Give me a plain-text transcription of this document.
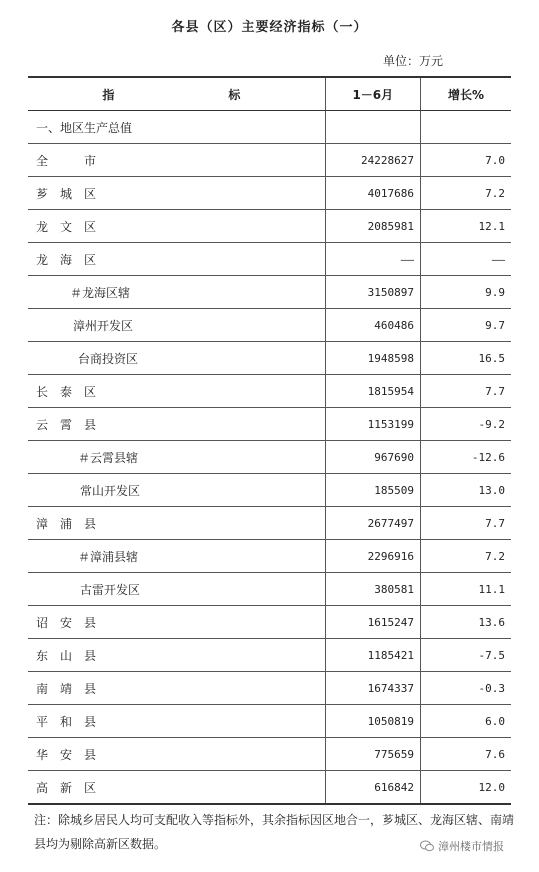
各县（区）主要经济指标（一）
单位：万元
指　　标	1－6月	增长%
一、地区生产总值		
全　　　市	24228627	7.0
芗　城　区	4017686	7.2
龙　文　区	2085981	12.1
龙　海　区	——	——
＃龙海区辖	3150897	9.9
漳州开发区	460486	9.7
台商投资区	1948598	16.5
长　泰　区	1815954	7.7
云　霄　县	1153199	-9.2
＃云霄县辖	967690	-12.6
常山开发区	185509	13.0
漳　浦　县	2677497	7.7
＃漳浦县辖	2296916	7.2
古雷开发区	380581	11.1
诏　安　县	1615247	13.6
东　山　县	1185421	-7.5
南　靖　县	1674337	-0.3
平　和　县	1050819	6.0
华　安　县	775659	7.6
高　新　区	616842	12.0
注：除城乡居民人均可支配收入等指标外，其余指标因区地合一，芗城区、龙海区辖、南靖县均为剔除高新区数据。	漳州楼市情报
